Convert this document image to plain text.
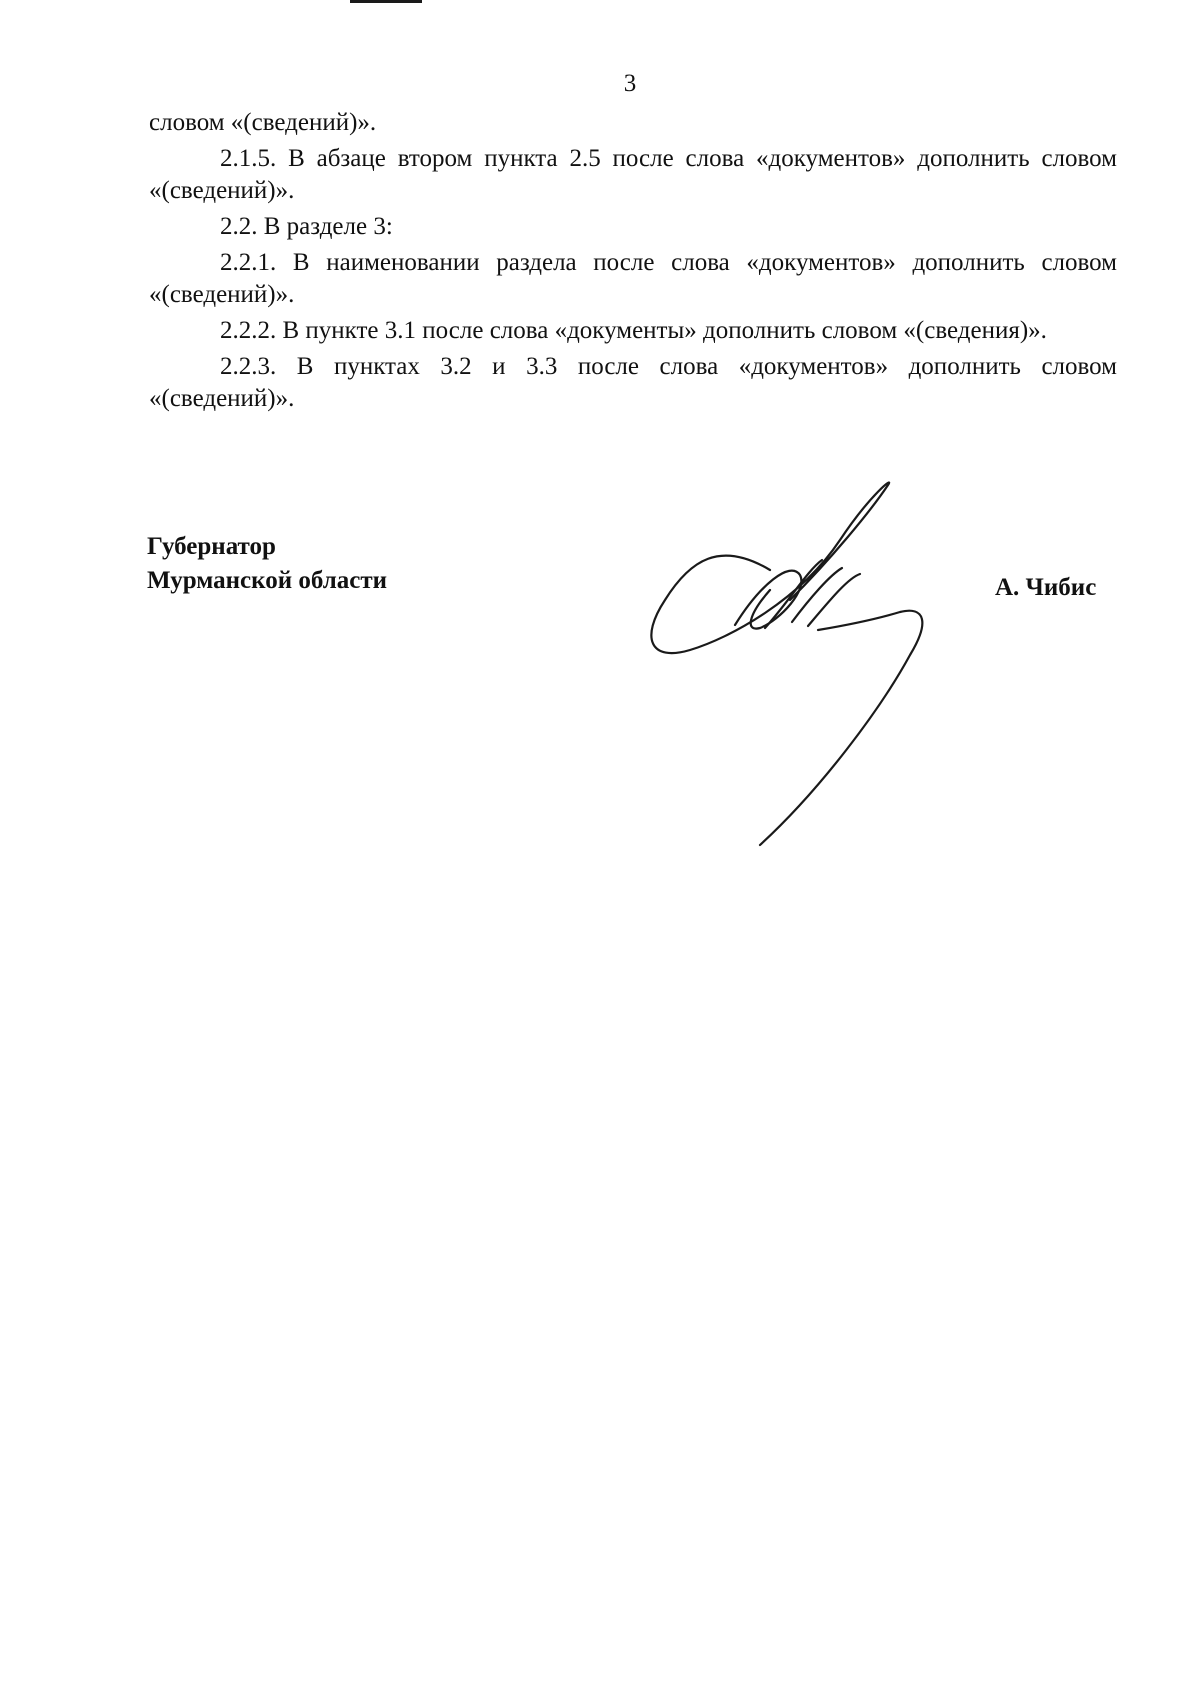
3

словом «(сведений)».

2.1.5. В абзаце втором пункта 2.5 после слова «документов» дополнить словом «(сведений)».

2.2. В разделе 3:

2.2.1. В наименовании раздела после слова «документов» дополнить словом «(сведений)».

2.2.2. В пункте 3.1 после слова «документы» дополнить словом «(сведения)».

2.2.3. В пунктах 3.2 и 3.3 после слова «документов» дополнить словом «(сведений)».

Губернатор
Мурманской области	А. Чибис
